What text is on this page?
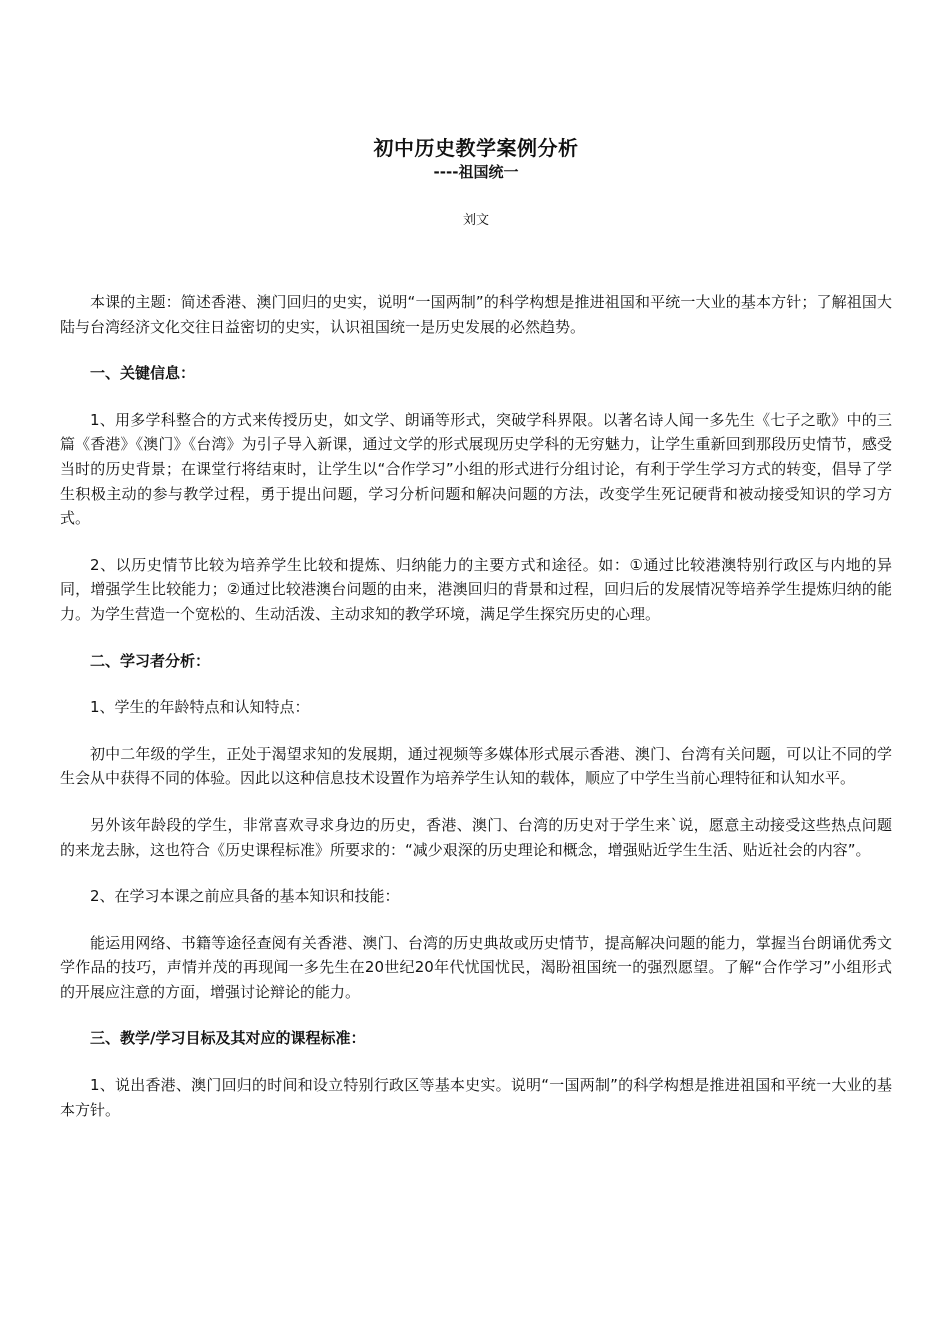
初中历史教学案例分析
----祖国统一
刘文

本课的主题：简述香港、澳门回归的史实，说明“一国两制”的科学构想是推进祖国和平统一大业的基本方针；了解祖国大陆与台湾经济文化交往日益密切的史实，认识祖国统一是历史发展的必然趋势。

一、关键信息：

1、用多学科整合的方式来传授历史，如文学、朗诵等形式，突破学科界限。以著名诗人闻一多先生《七子之歌》中的三篇《香港》《澳门》《台湾》为引子导入新课，通过文学的形式展现历史学科的无穷魅力，让学生重新回到那段历史情节，感受当时的历史背景；在课堂行将结束时，让学生以“合作学习”小组的形式进行分组讨论，有利于学生学习方式的转变，倡导了学生积极主动的参与教学过程，勇于提出问题，学习分析问题和解决问题的方法，改变学生死记硬背和被动接受知识的学习方式。

2、以历史情节比较为培养学生比较和提炼、归纳能力的主要方式和途径。如：①通过比较港澳特别行政区与内地的异同，增强学生比较能力；②通过比较港澳台问题的由来，港澳回归的背景和过程，回归后的发展情况等培养学生提炼归纳的能力。为学生营造一个宽松的、生动活泼、主动求知的教学环境，满足学生探究历史的心理。

二、学习者分析：

1、学生的年龄特点和认知特点：

初中二年级的学生，正处于渴望求知的发展期，通过视频等多媒体形式展示香港、澳门、台湾有关问题，可以让不同的学生会从中获得不同的体验。因此以这种信息技术设置作为培养学生认知的载体，顺应了中学生当前心理特征和认知水平。

另外该年龄段的学生，非常喜欢寻求身边的历史，香港、澳门、台湾的历史对于学生来`说，愿意主动接受这些热点问题的来龙去脉，这也符合《历史课程标准》所要求的：“减少艰深的历史理论和概念，增强贴近学生生活、贴近社会的内容”。

2、在学习本课之前应具备的基本知识和技能：

能运用网络、书籍等途径查阅有关香港、澳门、台湾的历史典故或历史情节，提高解决问题的能力，掌握当台朗诵优秀文学作品的技巧，声情并茂的再现闻一多先生在20世纪20年代忧国忧民，渴盼祖国统一的强烈愿望。了解“合作学习”小组形式的开展应注意的方面，增强讨论辩论的能力。

三、教学/学习目标及其对应的课程标准：

1、说出香港、澳门回归的时间和设立特别行政区等基本史实。说明“一国两制”的科学构想是推进祖国和平统一大业的基本方针。
